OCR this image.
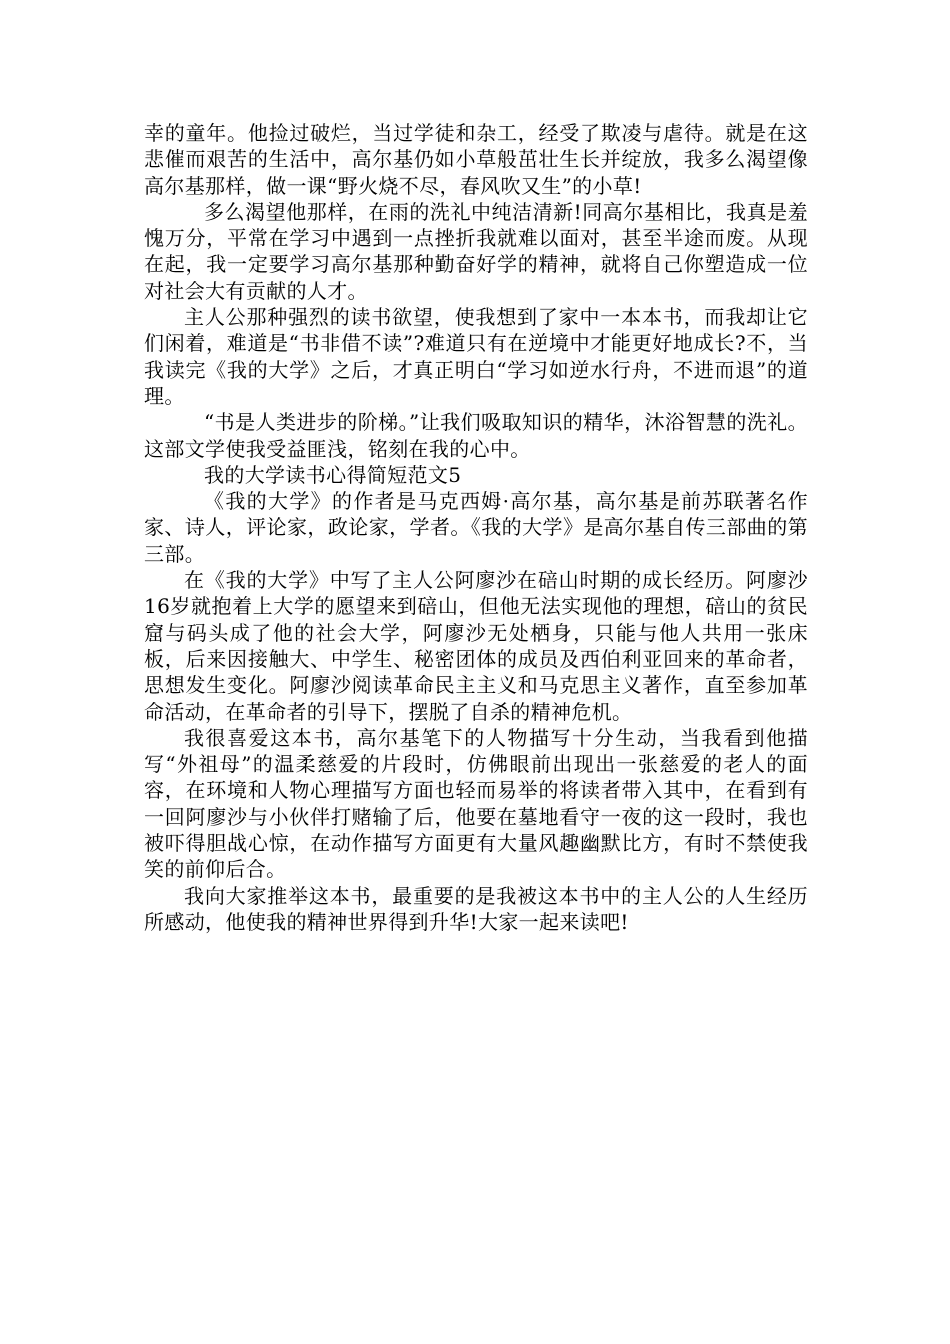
幸的童年。他捡过破烂，当过学徒和杂工，经受了欺凌与虐待。就是在这悲催而艰苦的生活中，高尔基仍如小草般茁壮生长并绽放，我多么渴望像高尔基那样，做一课“野火烧不尽，春风吹又生”的小草!

多么渴望他那样，在雨的洗礼中纯洁清新!同高尔基相比，我真是羞愧万分，平常在学习中遇到一点挫折我就难以面对，甚至半途而废。从现在起，我一定要学习高尔基那种勤奋好学的精神，就将自己你塑造成一位对社会大有贡献的人才。

主人公那种强烈的读书欲望，使我想到了家中一本本书，而我却让它们闲着，难道是“书非借不读”?难道只有在逆境中才能更好地成长?不，当我读完《我的大学》之后，才真正明白“学习如逆水行舟，不进而退”的道理。

“书是人类进步的阶梯。”让我们吸取知识的精华，沐浴智慧的洗礼。这部文学使我受益匪浅，铭刻在我的心中。

我的大学读书心得简短范文5

《我的大学》的作者是马克西姆·高尔基，高尔基是前苏联著名作家、诗人，评论家，政论家，学者。《我的大学》是高尔基自传三部曲的第三部。

在《我的大学》中写了主人公阿廖沙在碚山时期的成长经历。阿廖沙16岁就抱着上大学的愿望来到碚山，但他无法实现他的理想，碚山的贫民窟与码头成了他的社会大学，阿廖沙无处栖身，只能与他人共用一张床板，后来因接触大、中学生、秘密团体的成员及西伯利亚回来的革命者，思想发生变化。阿廖沙阅读革命民主主义和马克思主义著作，直至参加革命活动，在革命者的引导下，摆脱了自杀的精神危机。

我很喜爱这本书，高尔基笔下的人物描写十分生动，当我看到他描写“外祖母”的温柔慈爱的片段时，仿佛眼前出现出一张慈爱的老人的面容，在环境和人物心理描写方面也轻而易举的将读者带入其中，在看到有一回阿廖沙与小伙伴打赌输了后，他要在墓地看守一夜的这一段时，我也被吓得胆战心惊，在动作描写方面更有大量风趣幽默比方，有时不禁使我笑的前仰后合。

我向大家推举这本书，最重要的是我被这本书中的主人公的人生经历所感动，他使我的精神世界得到升华!大家一起来读吧!
